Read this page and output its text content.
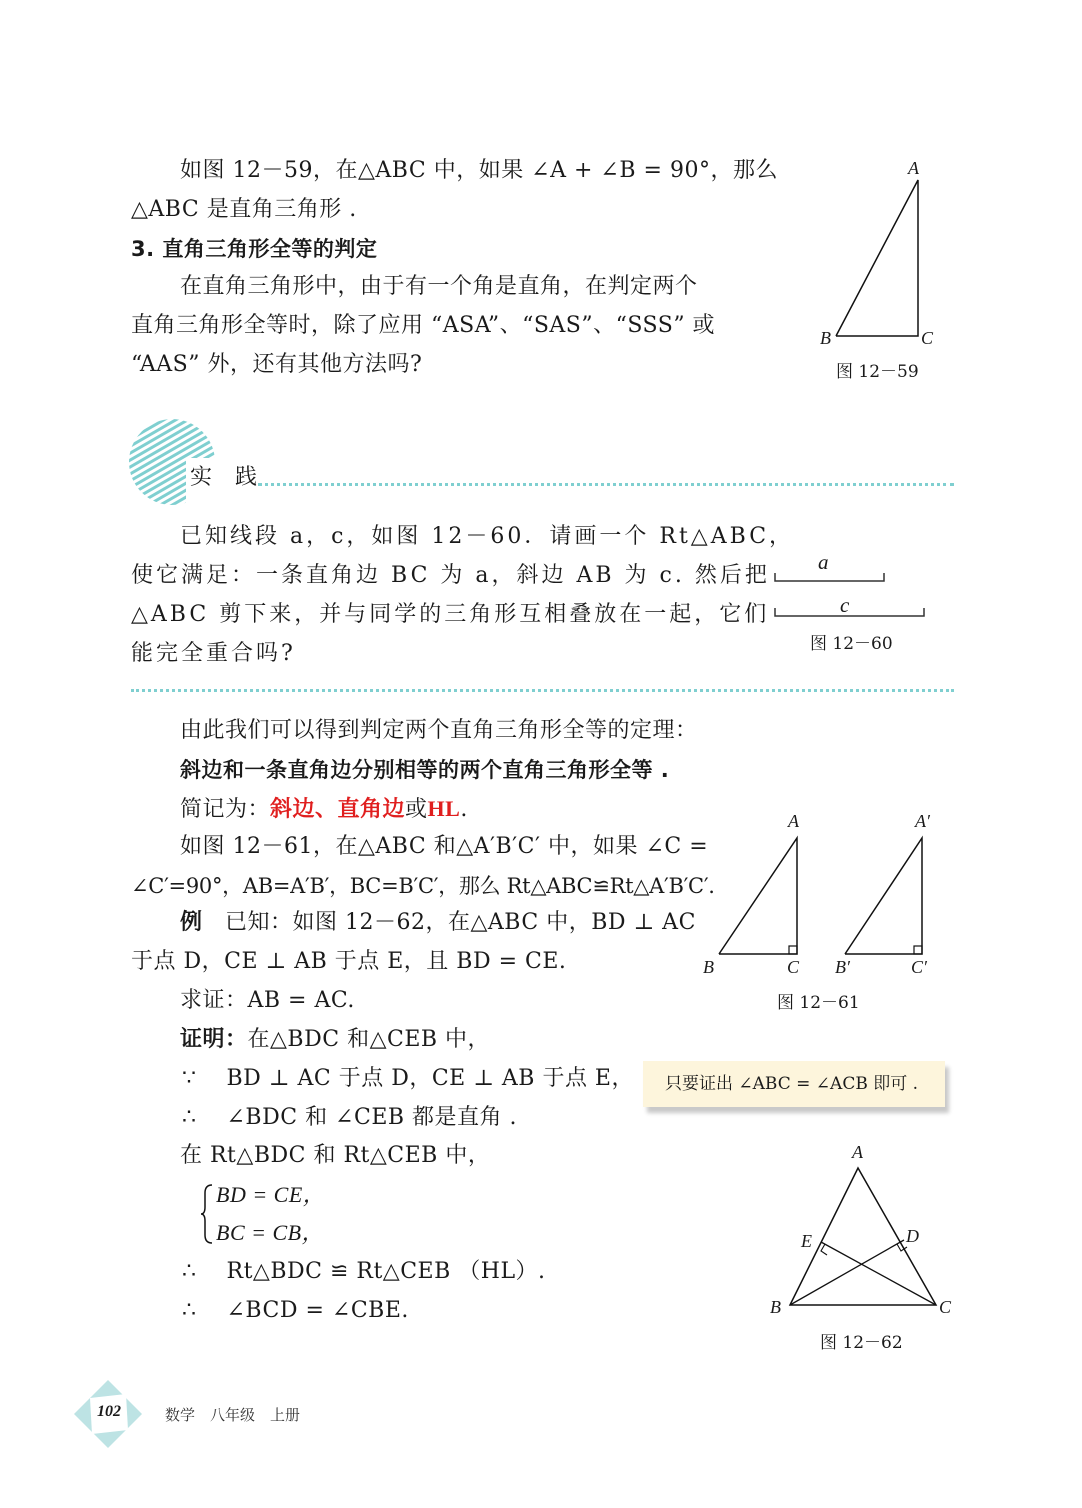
如图 12－59，在△ABC 中，如果 ∠A + ∠B = 90°，那么
△ABC 是直角三角形 .
3. 直角三角形全等的判定
在直角三角形中，由于有一个角是直角，在判定两个
直角三角形全等时，除了应用 “ASA”、“SAS”、“SSS” 或
“AAS” 外，还有其他方法吗?
A
B	C
图 12－59
实 践
已知线段 a，c，如图 12－60．请画一个 Rt△ABC，
使它满足：一条直角边 BC 为 a，斜边 AB 为 c. 然后把
△ABC 剪下来，并与同学的三角形互相叠放在一起，它们
能完全重合吗?
a
c
图 12－60
由此我们可以得到判定两个直角三角形全等的定理：
斜边和一条直角边分别相等的两个直角三角形全等 .
简记为：斜边、直角边或HL.
如图 12－61，在△ABC 和△A′B′C′ 中，如果 ∠C =
∠C′=90°，AB=A′B′，BC=B′C′，那么 Rt△ABC≌Rt△A′B′C′.
A
B	C
A′
B′	C′
图 12－61
例  已知：如图 12－62，在△ABC 中，BD ⊥ AC
于点 D，CE ⊥ AB 于点 E，且 BD = CE.
求证：AB = AC.
证明：在△BDC 和△CEB 中，
∵ BD ⊥ AC 于点 D，CE ⊥ AB 于点 E，
∴ ∠BDC 和 ∠CEB 都是直角 .
在 Rt△BDC 和 Rt△CEB 中，
BD = CE，
BC = CB，
∴ Rt△BDC ≌ Rt△CEB （HL）.
∴ ∠BCD = ∠CBE.
只要证出 ∠ABC = ∠ACB 即可 .
A
B	C
D
E
图 12－62
102	数学　八年级　上册
